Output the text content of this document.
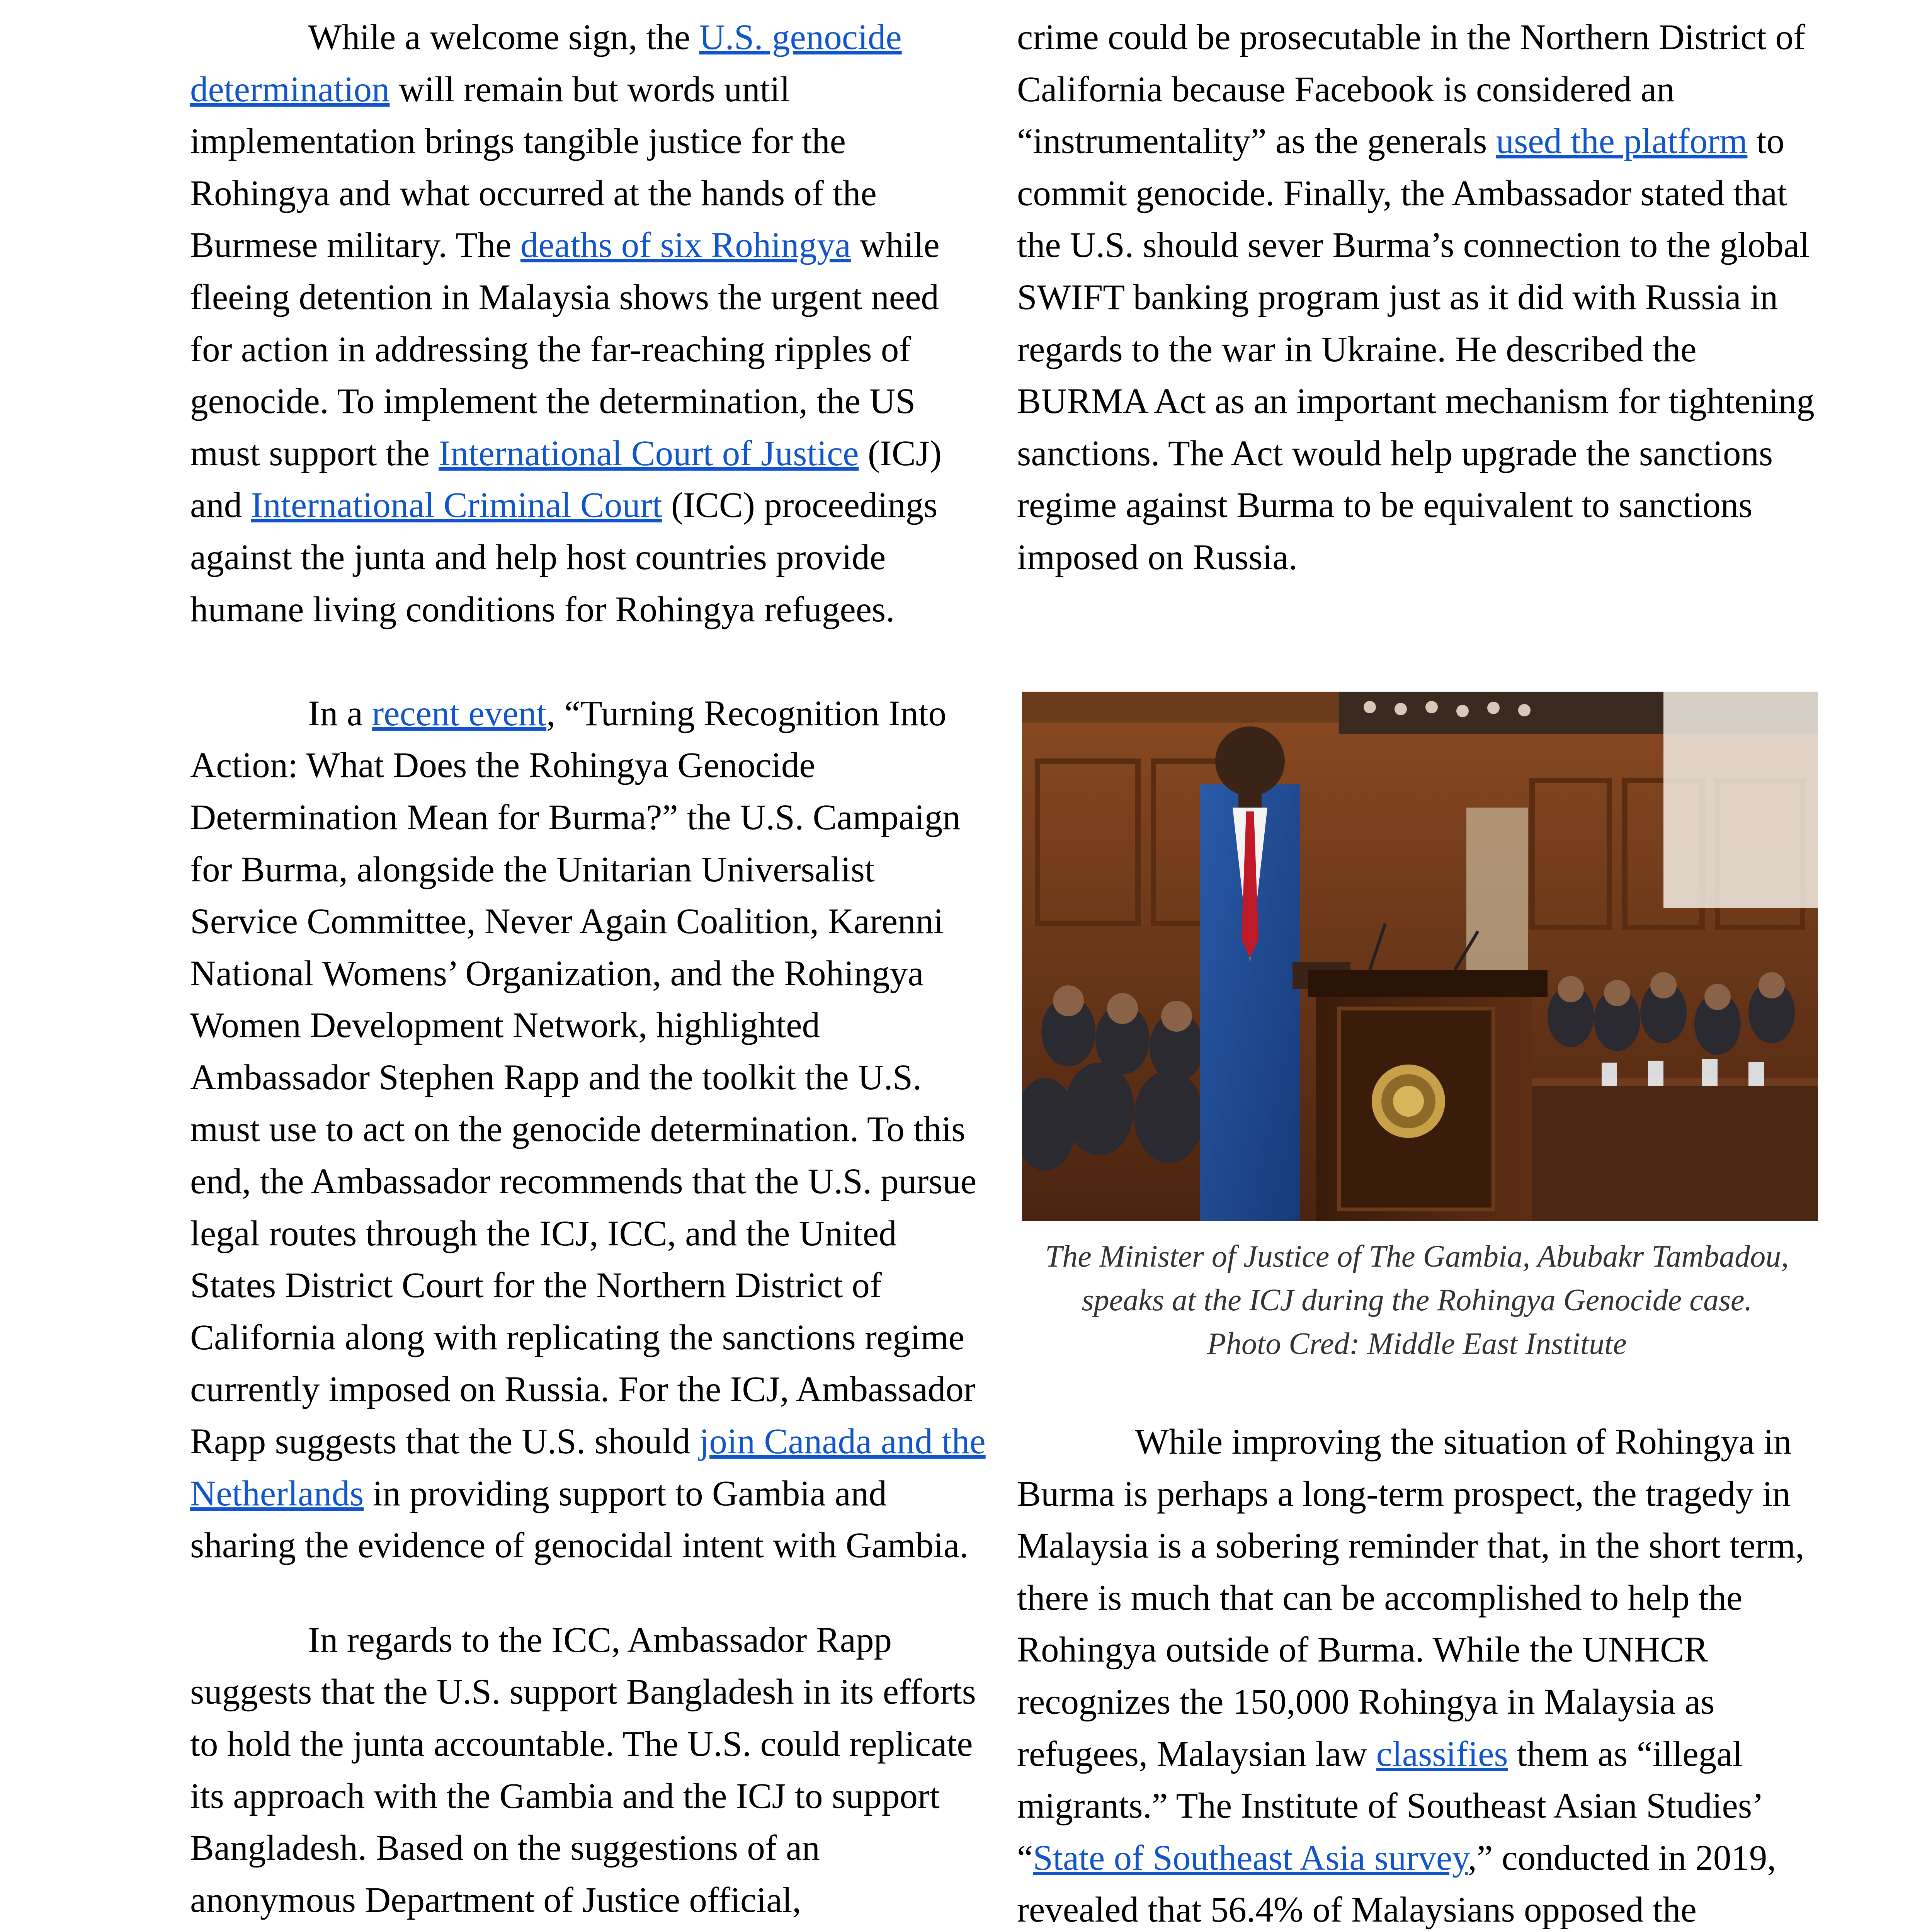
While a welcome sign, the U.S. genocide determination will remain but words until implementation brings tangible justice for the Rohingya and what occurred at the hands of the Burmese military. The deaths of six Rohingya while fleeing detention in Malaysia shows the urgent need for action in addressing the far-reaching ripples of genocide. To implement the determination, the US must support the International Court of Justice (ICJ) and International Criminal Court (ICC) proceedings against the junta and help host countries provide humane living conditions for Rohingya refugees.

In a recent event, “Turning Recognition Into Action: What Does the Rohingya Genocide Determination Mean for Burma?” the U.S. Campaign for Burma, alongside the Unitarian Universalist Service Committee, Never Again Coalition, Karenni National Womens’ Organization, and the Rohingya Women Development Network, highlighted Ambassador Stephen Rapp and the toolkit the U.S. must use to act on the genocide determination. To this end, the Ambassador recommends that the U.S. pursue legal routes through the ICJ, ICC, and the United States District Court for the Northern District of California along with replicating the sanctions regime currently imposed on Russia. For the ICJ, Ambassador Rapp suggests that the U.S. should join Canada and the Netherlands in providing support to Gambia and sharing the evidence of genocidal intent with Gambia.

In regards to the ICC, Ambassador Rapp suggests that the U.S. support Bangladesh in its efforts to hold the junta accountable. The U.S. could replicate its approach with the Gambia and the ICJ to support Bangladesh. Based on the suggestions of an anonymous Department of Justice official,

crime could be prosecutable in the Northern District of California because Facebook is considered an “instrumentality” as the generals used the platform to commit genocide. Finally, the Ambassador stated that the U.S. should sever Burma’s connection to the global SWIFT banking program just as it did with Russia in regards to the war in Ukraine. He described the BURMA Act as an important mechanism for tightening sanctions. The Act would help upgrade the sanctions regime against Burma to be equivalent to sanctions imposed on Russia.

The Minister of Justice of The Gambia, Abubakr Tambadou,
speaks at the ICJ during the Rohingya Genocide case.
Photo Cred: Middle East Institute

While improving the situation of Rohingya in Burma is perhaps a long-term prospect, the tragedy in Malaysia is a sobering reminder that, in the short term, there is much that can be accomplished to help the Rohingya outside of Burma. While the UNHCR recognizes the 150,000 Rohingya in Malaysia as refugees, Malaysian law classifies them as “illegal migrants.” The Institute of Southeast Asian Studies’ “State of Southeast Asia survey,” conducted in 2019, revealed that 56.4% of Malaysians opposed the
